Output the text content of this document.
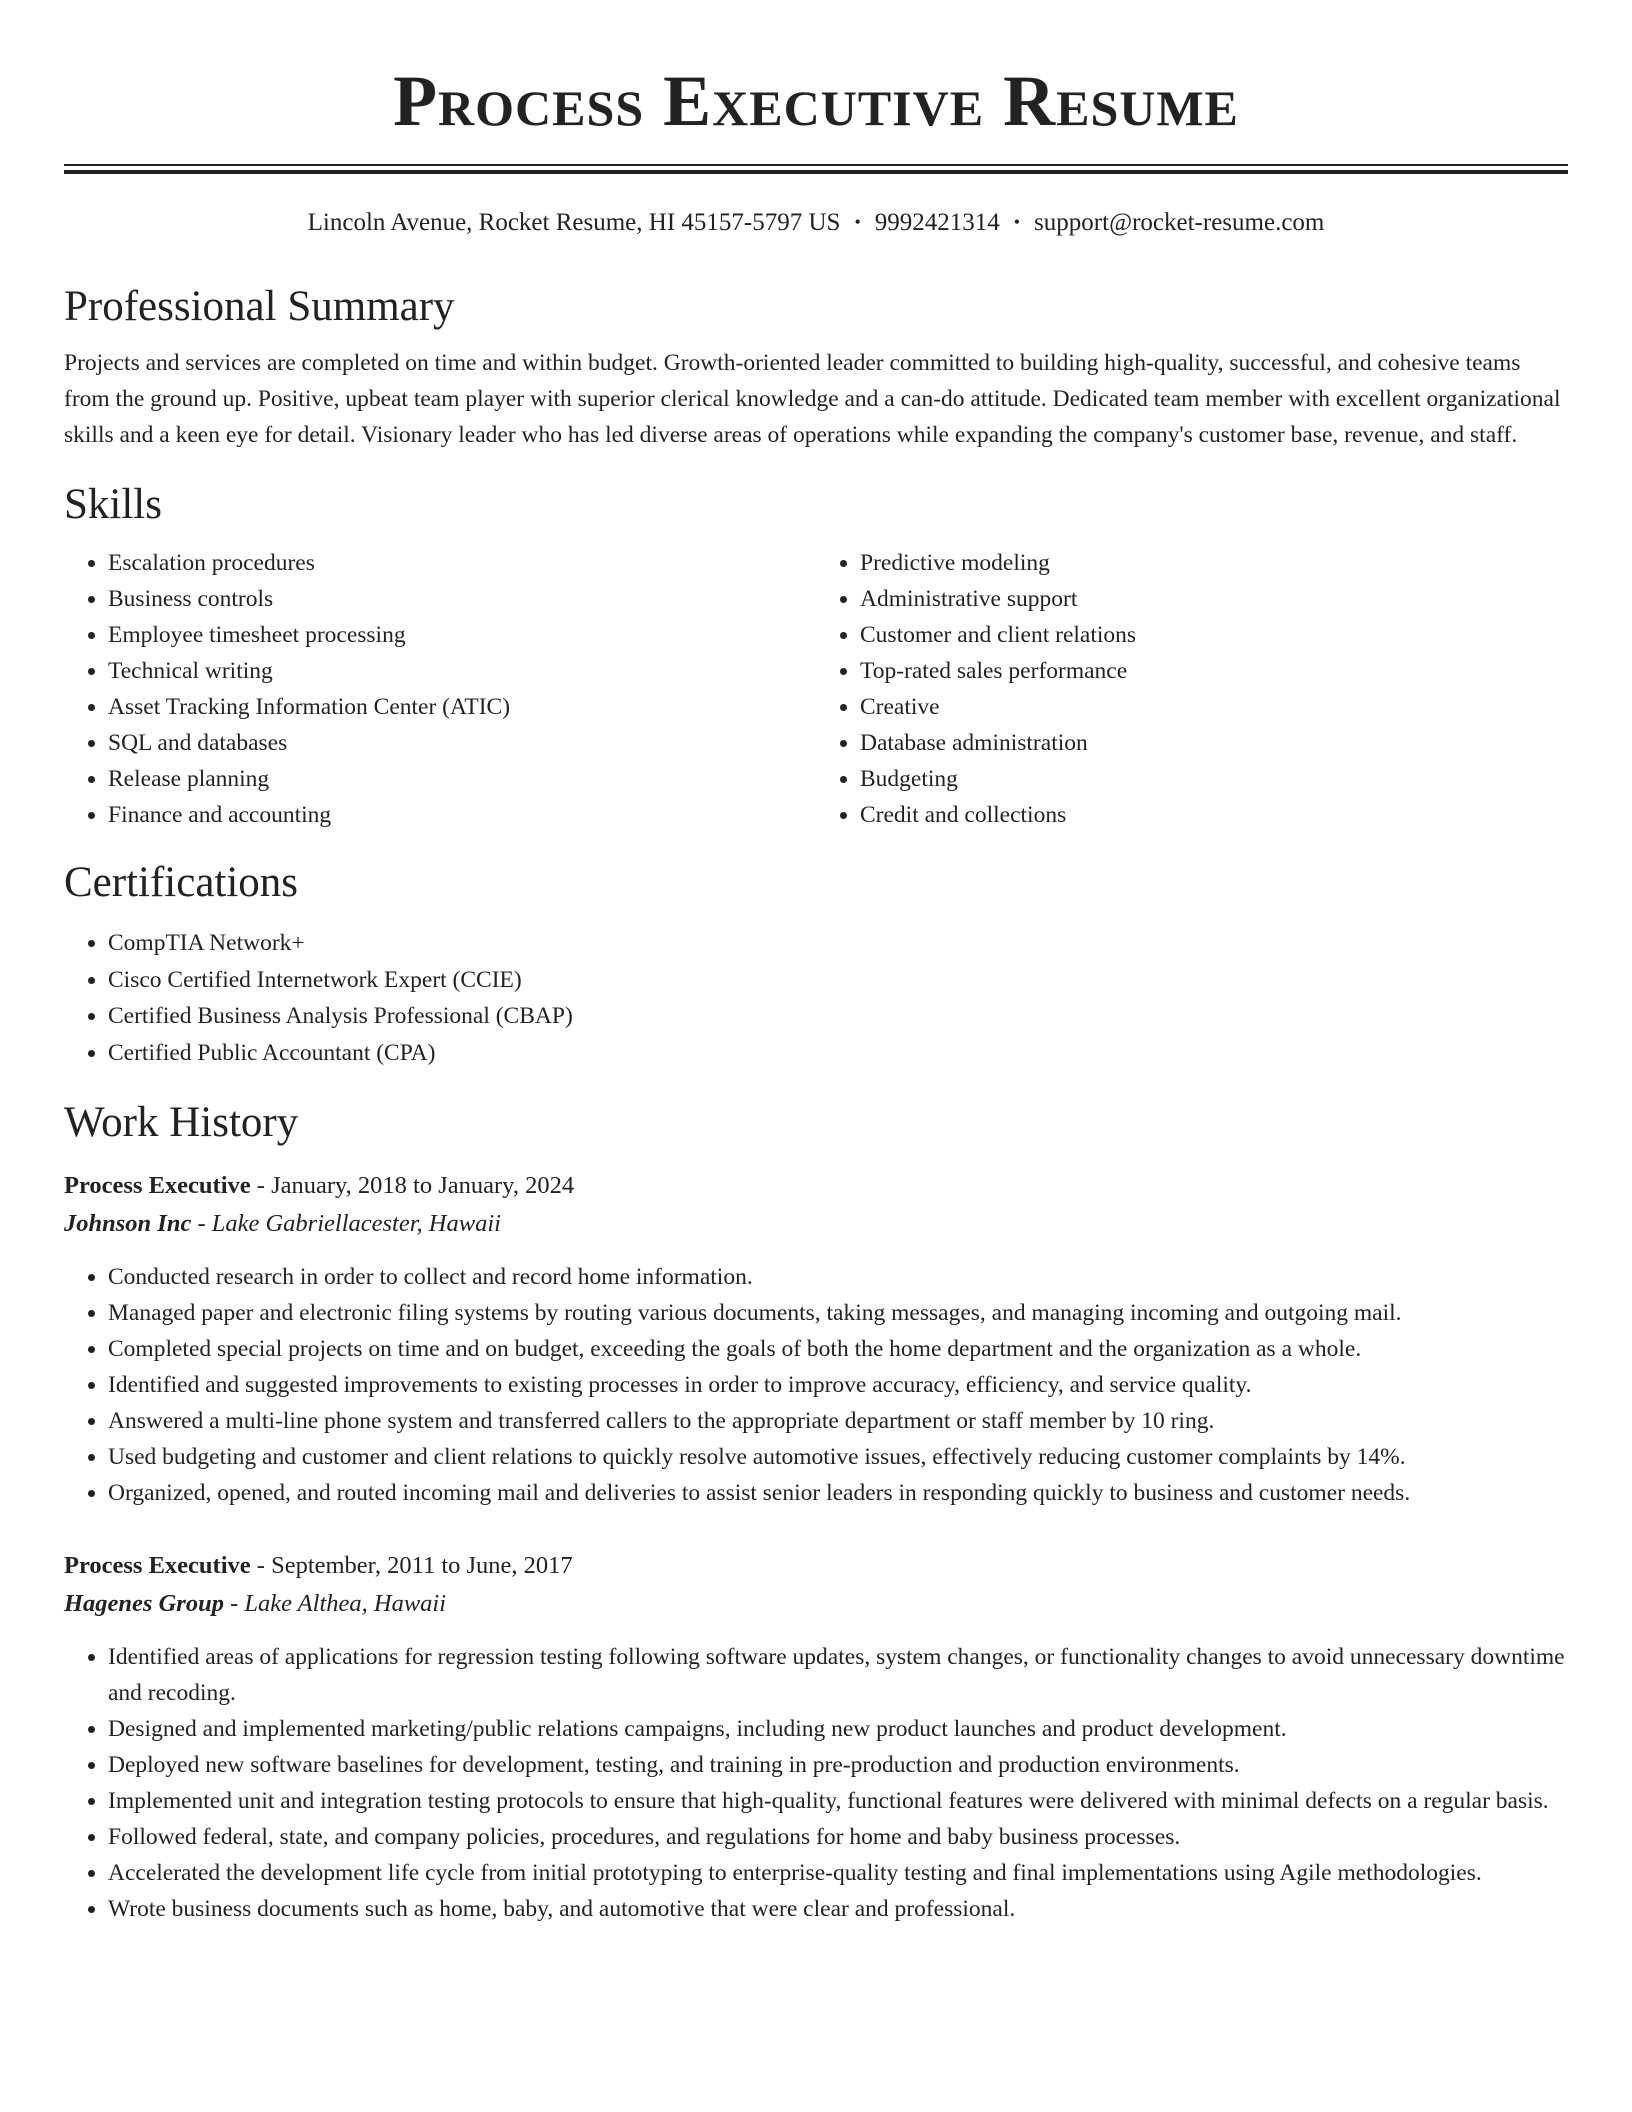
Process Executive Resume
Lincoln Avenue, Rocket Resume, HI 45157-5797 US • 9992421314 • support@rocket-resume.com
Professional Summary

Projects and services are completed on time and within budget. Growth-oriented leader committed to building high-quality, successful, and cohesive teams from the ground up. Positive, upbeat team player with superior clerical knowledge and a can-do attitude. Dedicated team member with excellent organizational skills and a keen eye for detail. Visionary leader who has led diverse areas of operations while expanding the company's customer base, revenue, and staff.

Skills
• Escalation procedures
• Business controls
• Employee timesheet processing
• Technical writing
• Asset Tracking Information Center (ATIC)
• SQL and databases
• Release planning
• Finance and accounting
• Predictive modeling
• Administrative support
• Customer and client relations
• Top-rated sales performance
• Creative
• Database administration
• Budgeting
• Credit and collections
Certifications
• CompTIA Network+
• Cisco Certified Internetwork Expert (CCIE)
• Certified Business Analysis Professional (CBAP)
• Certified Public Accountant (CPA)
Work History
Process Executive - January, 2018 to January, 2024
Johnson Inc - Lake Gabriellacester, Hawaii
• Conducted research in order to collect and record home information.
• Managed paper and electronic filing systems by routing various documents, taking messages, and managing incoming and outgoing mail.
• Completed special projects on time and on budget, exceeding the goals of both the home department and the organization as a whole.
• Identified and suggested improvements to existing processes in order to improve accuracy, efficiency, and service quality.
• Answered a multi-line phone system and transferred callers to the appropriate department or staff member by 10 ring.
• Used budgeting and customer and client relations to quickly resolve automotive issues, effectively reducing customer complaints by 14%.
• Organized, opened, and routed incoming mail and deliveries to assist senior leaders in responding quickly to business and customer needs.
Process Executive - September, 2011 to June, 2017
Hagenes Group - Lake Althea, Hawaii
• Identified areas of applications for regression testing following software updates, system changes, or functionality changes to avoid unnecessary downtime and recoding.
• Designed and implemented marketing/public relations campaigns, including new product launches and product development.
• Deployed new software baselines for development, testing, and training in pre-production and production environments.
• Implemented unit and integration testing protocols to ensure that high-quality, functional features were delivered with minimal defects on a regular basis.
• Followed federal, state, and company policies, procedures, and regulations for home and baby business processes.
• Accelerated the development life cycle from initial prototyping to enterprise-quality testing and final implementations using Agile methodologies.
• Wrote business documents such as home, baby, and automotive that were clear and professional.
